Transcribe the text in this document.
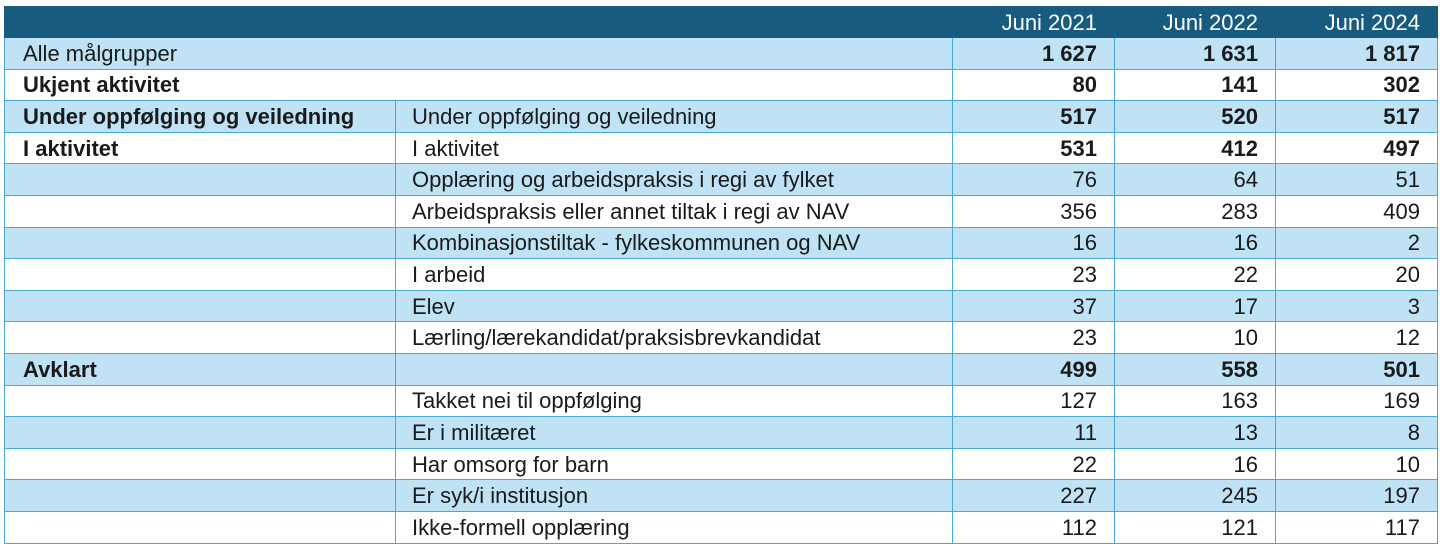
		Juni 2021	Juni 2022	Juni 2024
Alle målgrupper		1 627	1 631	1 817
Ukjent aktivitet		80	141	302
Under oppfølging og veiledning	Under oppfølging og veiledning	517	520	517
I aktivitet	I aktivitet	531	412	497
	Opplæring og arbeidspraksis i regi av fylket	76	64	51
	Arbeidspraksis eller annet tiltak i regi av NAV	356	283	409
	Kombinasjonstiltak - fylkeskommunen og NAV	16	16	2
	I arbeid	23	22	20
	Elev	37	17	3
	Lærling/lærekandidat/praksisbrevkandidat	23	10	12
Avklart		499	558	501
	Takket nei til oppfølging	127	163	169
	Er i militæret	11	13	8
	Har omsorg for barn	22	16	10
	Er syk/i institusjon	227	245	197
	Ikke-formell opplæring	112	121	117
